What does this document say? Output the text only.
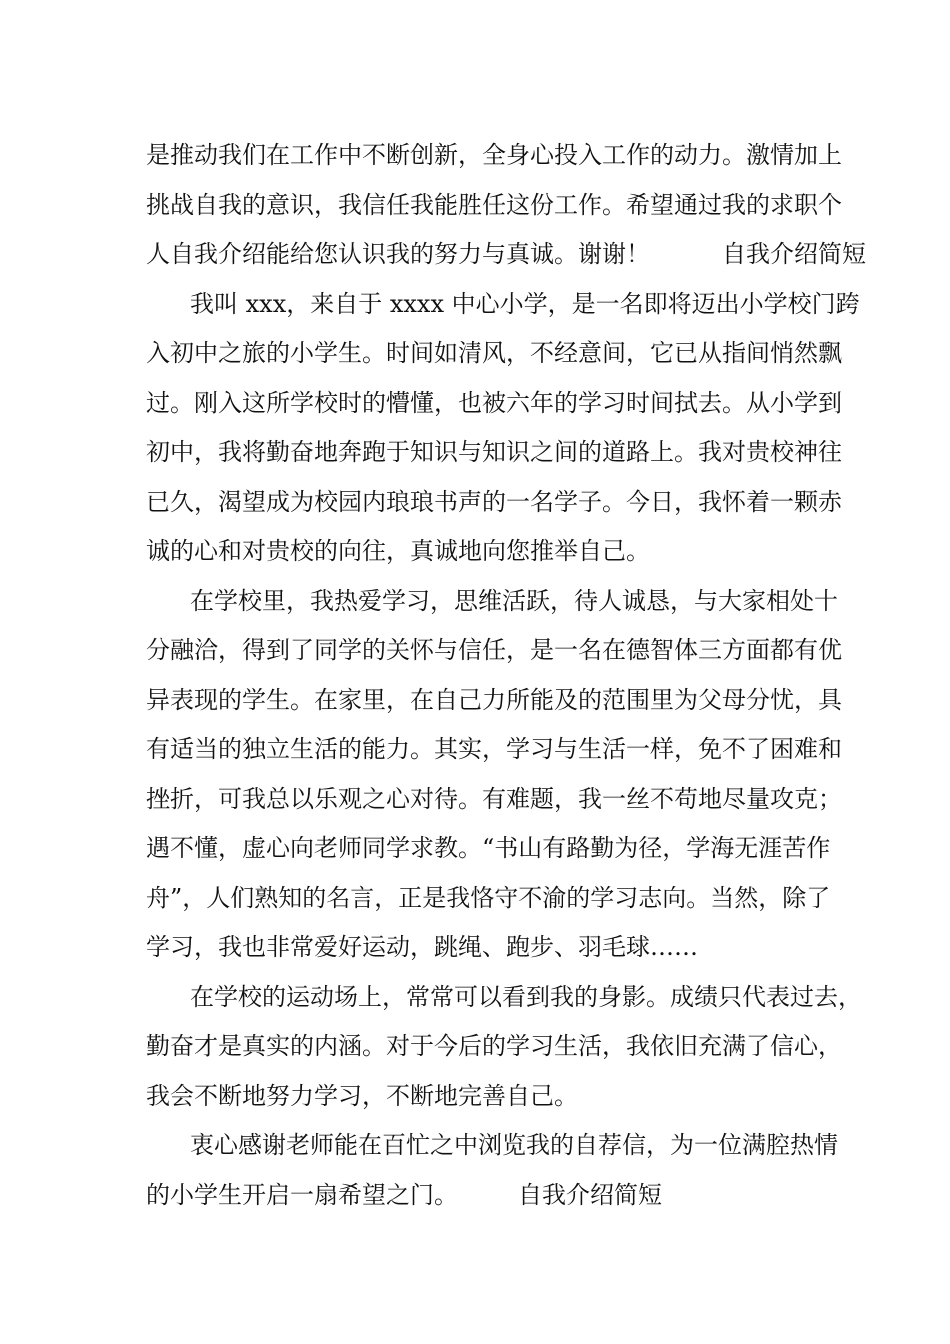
是推动我们在工作中不断创新，全身心投入工作的动力。激情加上
挑战自我的意识，我信任我能胜任这份工作。希望通过我的求职个
人自我介绍能给您认识我的努力与真诚。谢谢！　　　自我介绍简短
我叫 xxx，来自于 xxxx 中心小学，是一名即将迈出小学校门跨
入初中之旅的小学生。时间如清风，不经意间，它已从指间悄然飘
过。刚入这所学校时的懵懂，也被六年的学习时间拭去。从小学到
初中，我将勤奋地奔跑于知识与知识之间的道路上。我对贵校神往
已久，渴望成为校园内琅琅书声的一名学子。今日，我怀着一颗赤
诚的心和对贵校的向往，真诚地向您推举自己。
在学校里，我热爱学习，思维活跃，待人诚恳，与大家相处十
分融洽，得到了同学的关怀与信任，是一名在德智体三方面都有优
异表现的学生。在家里，在自己力所能及的范围里为父母分忧，具
有适当的独立生活的能力。其实，学习与生活一样，免不了困难和
挫折，可我总以乐观之心对待。有难题，我一丝不苟地尽量攻克；
遇不懂，虚心向老师同学求教。“书山有路勤为径，学海无涯苦作
舟”，人们熟知的名言，正是我恪守不渝的学习志向。当然，除了
学习，我也非常爱好运动，跳绳、跑步、羽毛球……
在学校的运动场上，常常可以看到我的身影。成绩只代表过去，
勤奋才是真实的内涵。对于今后的学习生活，我依旧充满了信心，
我会不断地努力学习，不断地完善自己。
衷心感谢老师能在百忙之中浏览我的自荐信，为一位满腔热情
的小学生开启一扇希望之门。　　　自我介绍简短
